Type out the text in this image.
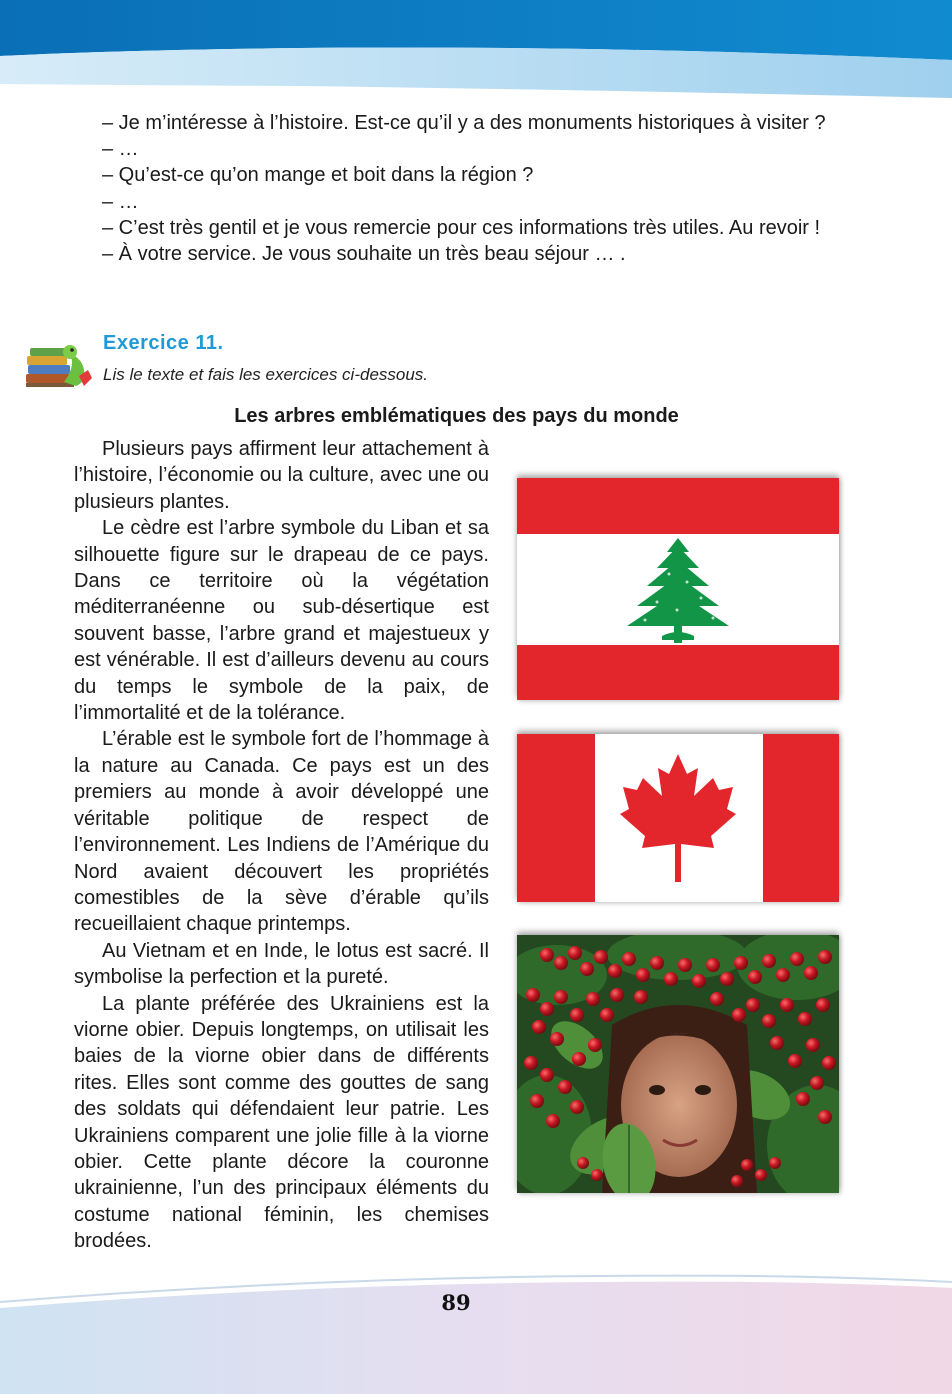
– Je m’intéresse à l’histoire. Est-ce qu’il y a des monuments historiques à visiter ?

– …

– Qu’est-ce qu’on mange et boit dans la région ?

– …

– C’est très gentil et je vous remercie pour ces informations très utiles. Au revoir !

– À votre service. Je vous souhaite un très beau séjour … .

Exercice 11.
Lis le texte et fais les exercices ci-dessous.
Les arbres emblématiques des pays du monde

Plusieurs pays affirment leur attachement à l’histoire, l’économie ou la culture, avec une ou plusieurs plantes.

Le cèdre est l’arbre symbole du Liban et sa silhouette figure sur le drapeau de ce pays. Dans ce territoire où la végétation méditerranéenne ou sub-désertique est souvent basse, l’arbre grand et majestueux y est vénérable. Il est d’ailleurs devenu au cours du temps le symbole de la paix, de l’immortalité et de la tolérance.

L’érable est le symbole fort de l’hommage à la nature au Canada. Ce pays est un des premiers au monde à avoir développé une véritable politique de respect de l’environnement. Les Indiens de l’Amérique du Nord avaient découvert les propriétés comestibles de la sève d’érable qu’ils recueillaient chaque printemps.

Au Vietnam et en Inde, le lotus est sacré. Il symbolise la perfection et la pureté.

La plante préférée des Ukrainiens est la viorne obier. Depuis longtemps, on utilisait les baies de la viorne obier dans de différents rites. Elles sont comme des gouttes de sang des soldats qui défendaient leur patrie. Les Ukrainiens comparent une jolie fille à la viorne obier. Cette plante décore la couronne ukrainienne, l’un des principaux éléments du costume national féminin, les chemises brodées.

89
